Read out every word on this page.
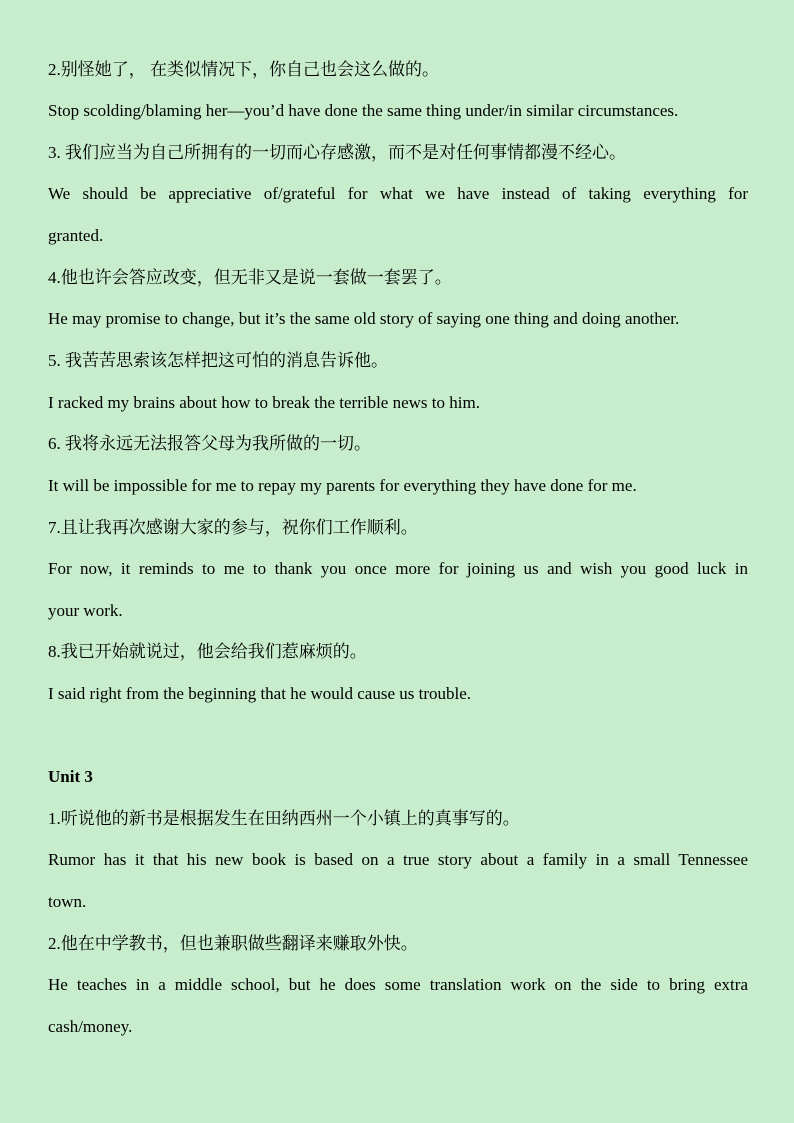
2.别怪她了， 在类似情况下，你自己也会这么做的。
Stop scolding/blaming her—you’d have done the same thing under/in similar circumstances.
3. 我们应当为自己所拥有的一切而心存感激，而不是对任何事情都漫不经心。
We should be appreciative of/grateful for what we have instead of taking everything for
granted.
4.他也许会答应改变，但无非又是说一套做一套罢了。
He may promise to change, but it’s the same old story of saying one thing and doing another.
5. 我苦苦思索该怎样把这可怕的消息告诉他。
I racked my brains about how to break the terrible news to him.
6. 我将永远无法报答父母为我所做的一切。
It will be impossible for me to repay my parents for everything they have done for me.
7.且让我再次感谢大家的参与，祝你们工作顺利。
For now, it reminds to me to thank you once more for joining us and wish you good luck in
your work.
8.我已开始就说过，他会给我们惹麻烦的。
I said right from the beginning that he would cause us trouble.
Unit 3
1.听说他的新书是根据发生在田纳西州一个小镇上的真事写的。
Rumor has it that his new book is based on a true story about a family in a small Tennessee
town.
2.他在中学教书，但也兼职做些翻译来赚取外快。
He teaches in a middle school, but he does some translation work on the side to bring extra
cash/money.
